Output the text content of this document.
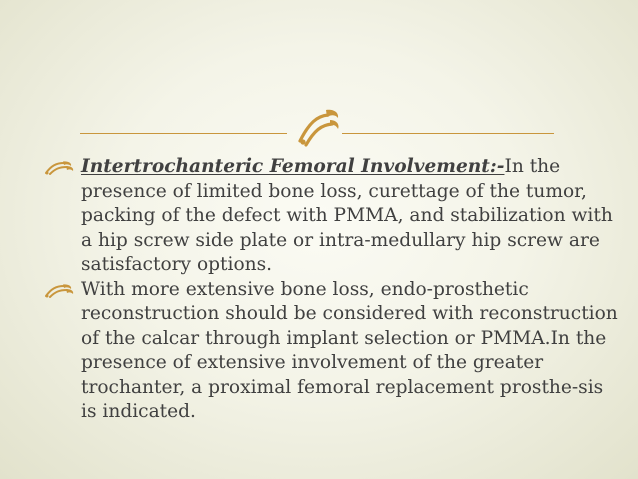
Intertrochanteric Femoral Involvement:-In the presence of limited bone loss, curettage of the tumor, packing of the defect with PMMA, and stabilization with a hip screw side plate or intra-medullary hip screw are satisfactory options.

With more extensive bone loss, endo-prosthetic reconstruction should be considered with reconstruction of the calcar through implant selection or PMMA.In the presence of extensive involvement of the greater trochanter, a proximal femoral replacement prosthe-sis is indicated.
